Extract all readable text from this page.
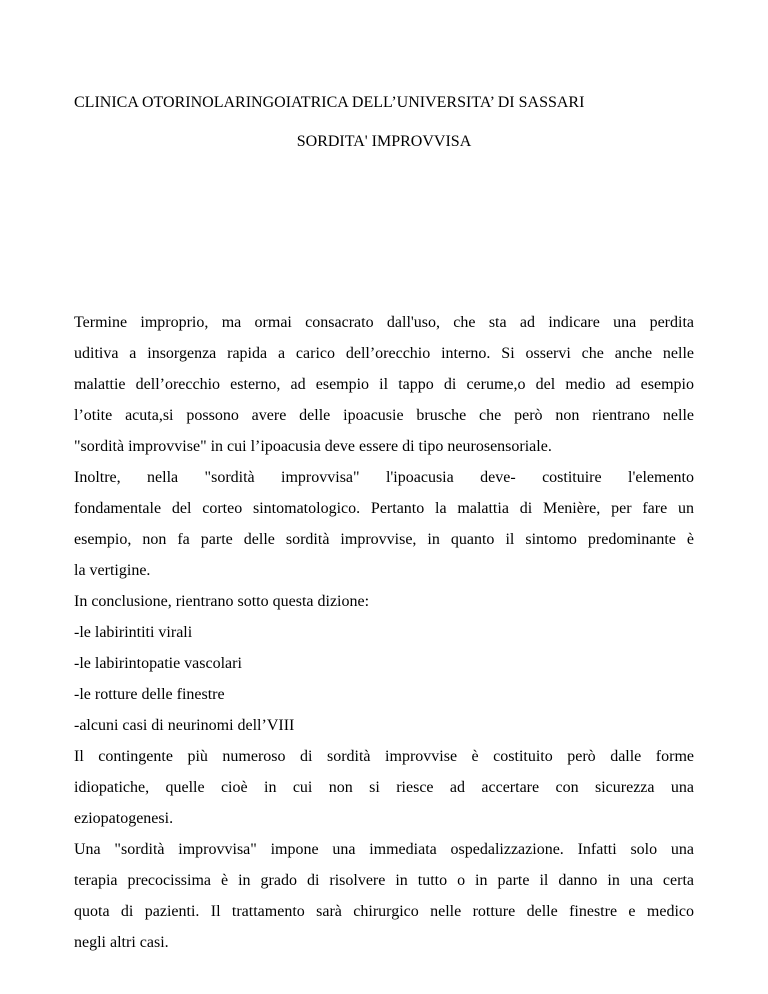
CLINICA OTORINOLARINGOIATRICA DELL’UNIVERSITA’ DI SASSARI
SORDITA' IMPROVVISA
Termine improprio, ma ormai consacrato dall'uso, che sta ad indicare una perdita
uditiva a insorgenza rapida a carico dell’orecchio interno. Si osservi che anche nelle
malattie dell’orecchio esterno, ad esempio il tappo di cerume,o del medio ad esempio
l’otite acuta,si possono avere delle ipoacusie brusche che però non rientrano nelle
"sordità improvvise" in cui l’ipoacusia deve essere di tipo neurosensoriale.
Inoltre, nella "sordità improvvisa" l'ipoacusia deve- costituire l'elemento
fondamentale del corteo sintomatologico. Pertanto la malattia di Menière, per fare un
esempio, non fa parte delle sordità improvvise, in quanto il sintomo predominante è
la vertigine.
In conclusione, rientrano sotto questa dizione:
-le labirintiti virali
-le labirintopatie vascolari
-le rotture delle finestre
-alcuni casi di neurinomi dell’VIII
Il contingente più numeroso di sordità improvvise è costituito però dalle forme
idiopatiche, quelle cioè in cui non si riesce ad accertare con sicurezza una
eziopatogenesi.
Una "sordità improvvisa" impone una immediata ospedalizzazione. Infatti solo una
terapia precocissima è in grado di risolvere in tutto o in parte il danno in una certa
quota di pazienti. Il trattamento sarà chirurgico nelle rotture delle finestre e medico
negli altri casi.
